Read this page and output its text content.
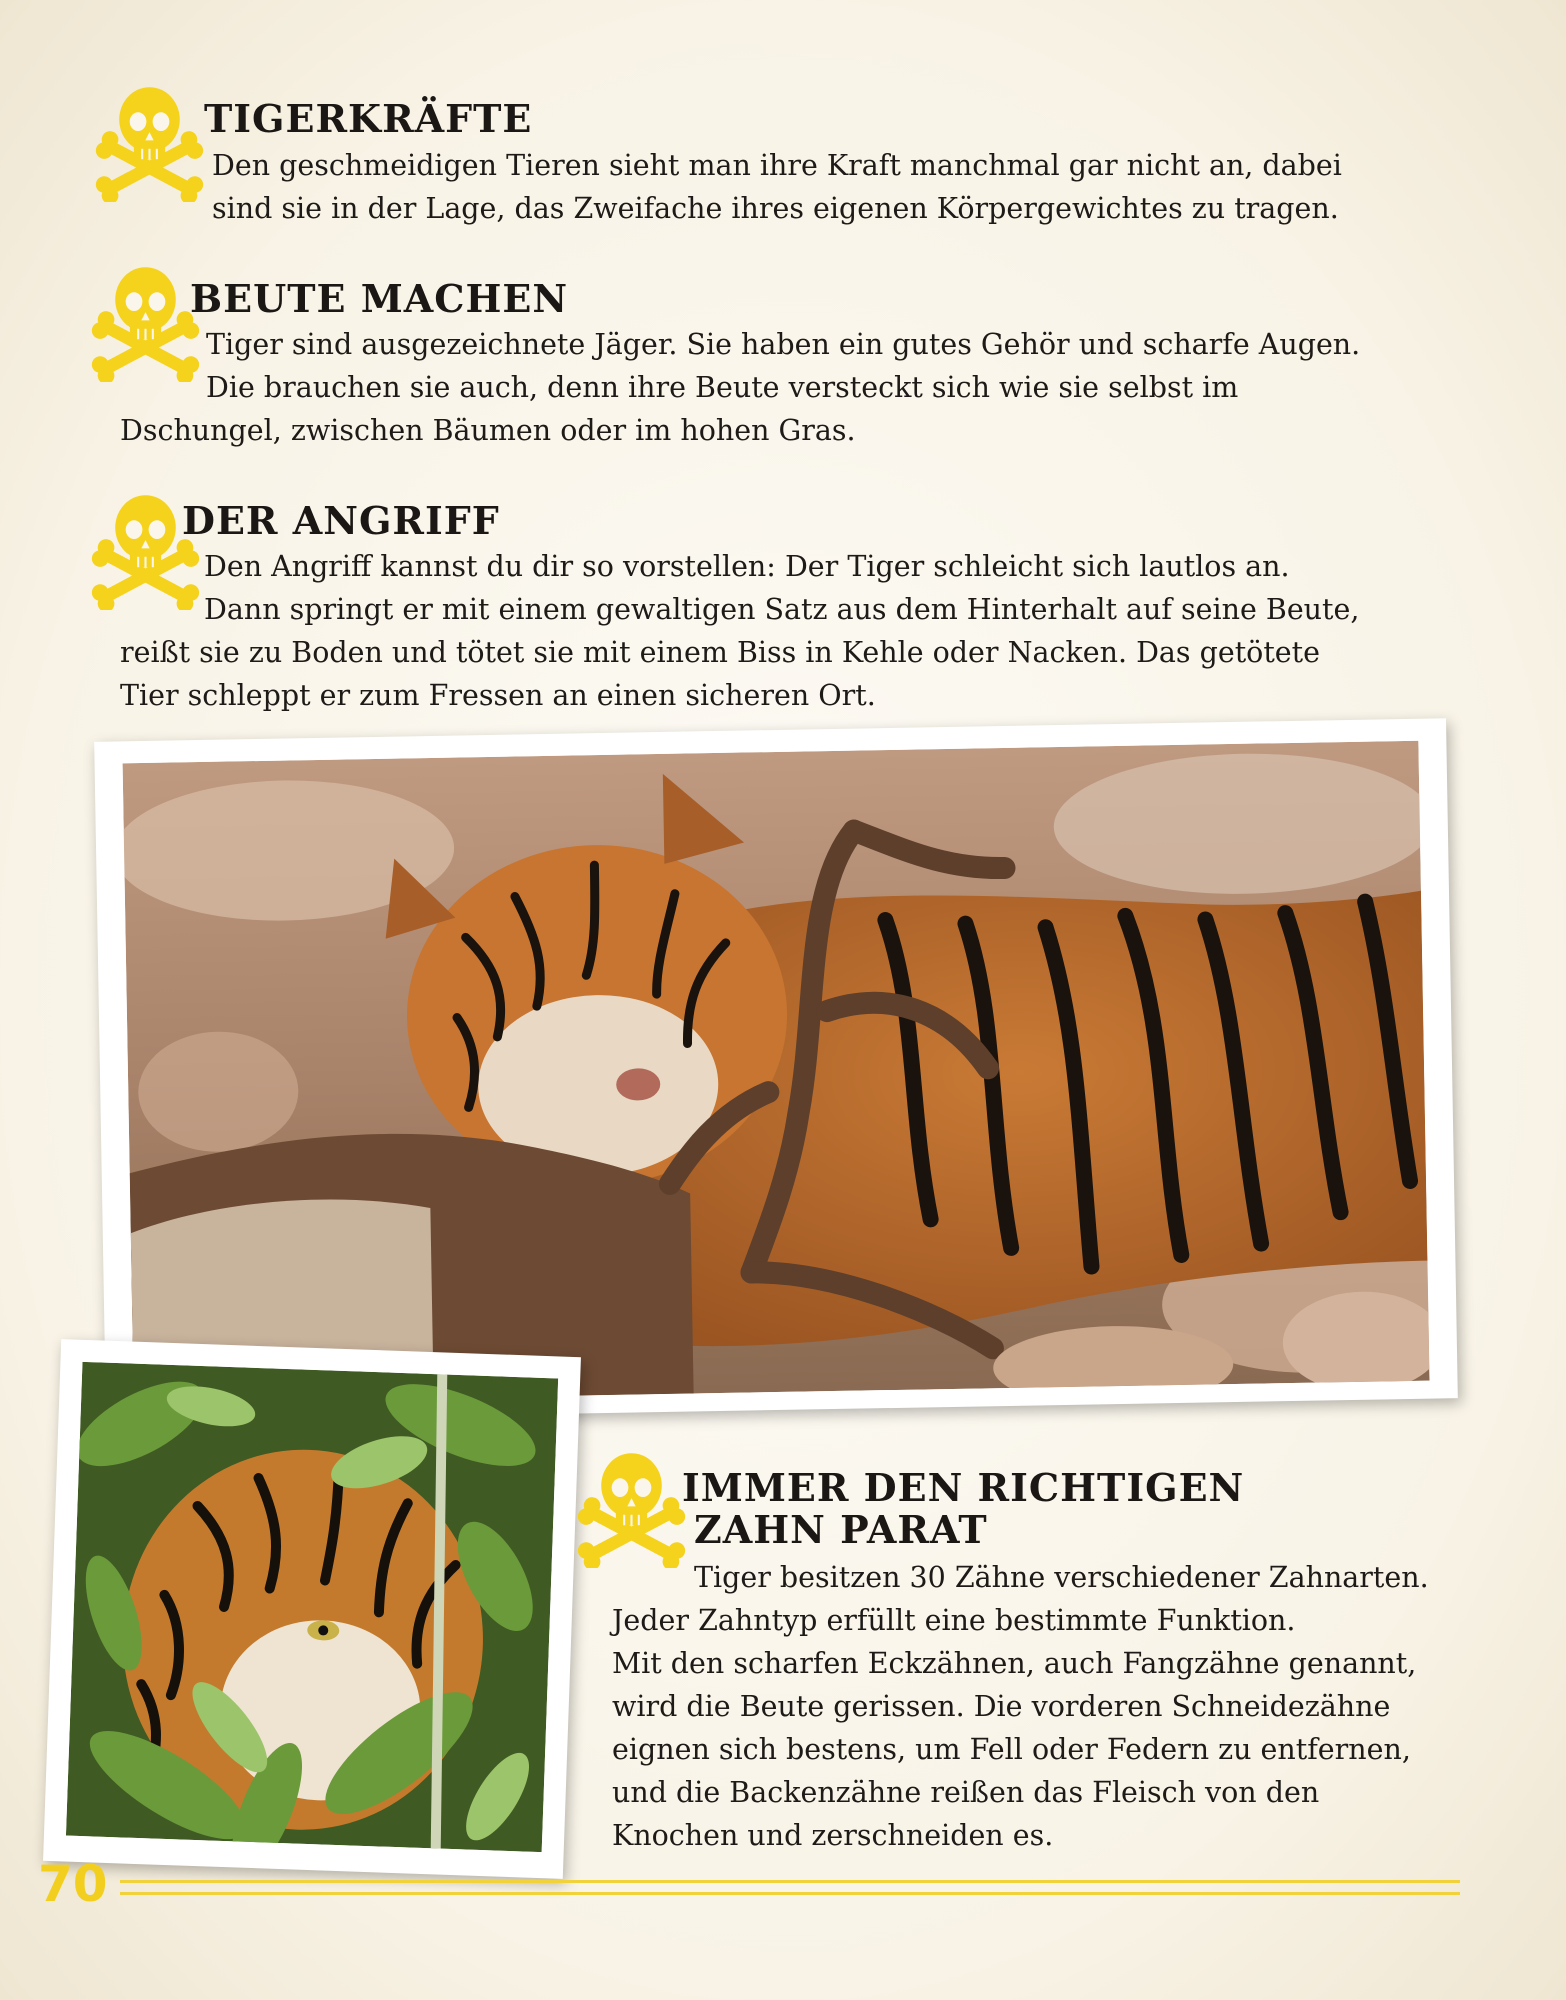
TIGERKRÄFTE

Den geschmeidigen Tieren sieht man ihre Kraft manchmal gar nicht an, dabei
sind sie in der Lage, das Zweifache ihres eigenen Körpergewichtes zu tragen.

BEUTE MACHEN

Tiger sind ausgezeichnete Jäger. Sie haben ein gutes Gehör und scharfe Augen.
Die brauchen sie auch, denn ihre Beute versteckt sich wie sie selbst im
Dschungel, zwischen Bäumen oder im hohen Gras.

DER ANGRIFF

Den Angriff kannst du dir so vorstellen: Der Tiger schleicht sich lautlos an.
Dann springt er mit einem gewaltigen Satz aus dem Hinterhalt auf seine Beute,
reißt sie zu Boden und tötet sie mit einem Biss in Kehle oder Nacken. Das getötete
Tier schleppt er zum Fressen an einen sicheren Ort.

IMMER DEN RICHTIGEN
ZAHN PARAT

Tiger besitzen 30 Zähne verschiedener Zahnarten.
Jeder Zahntyp erfüllt eine bestimmte Funktion.
Mit den scharfen Eckzähnen, auch Fangzähne genannt,
wird die Beute gerissen. Die vorderen Schneidezähne
eignen sich bestens, um Fell oder Federn zu entfernen,
und die Backenzähne reißen das Fleisch von den
Knochen und zerschneiden es.

70
